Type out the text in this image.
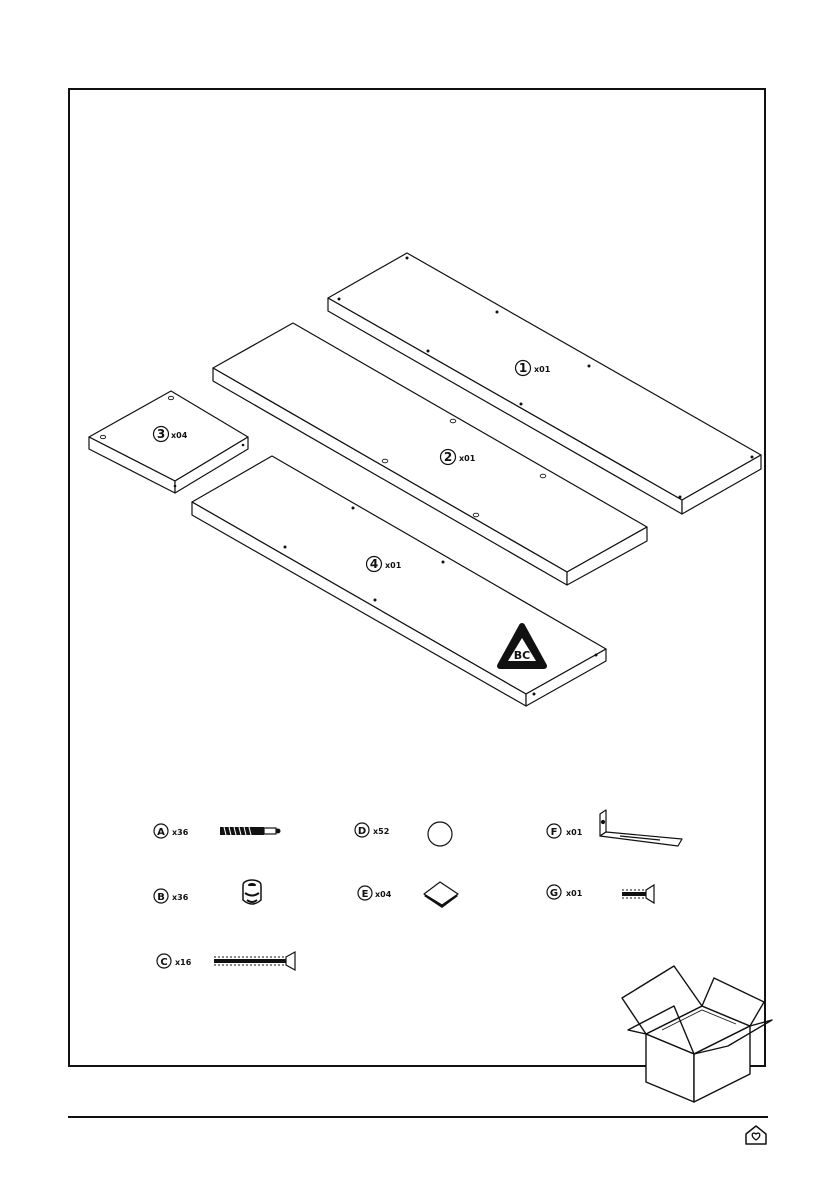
1 x01
2 x01
3 x04
4 x01
BC
A x36
B x36
C x16
D x52
E x04
F x01
G x01
